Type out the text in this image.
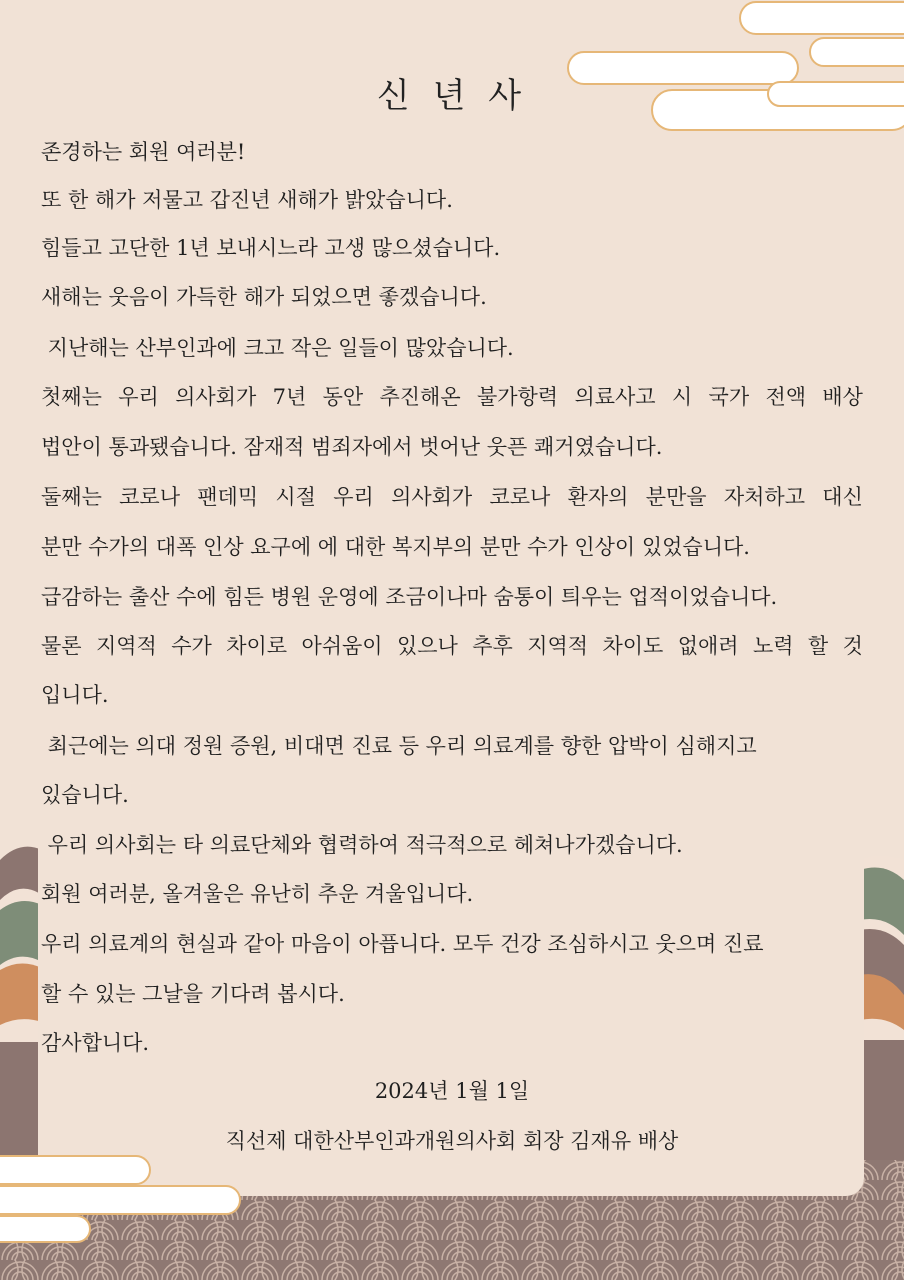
신 년 사

존경하는 회원 여러분!

또 한 해가 저물고 갑진년 새해가 밝았습니다.

힘들고 고단한 1년 보내시느라 고생 많으셨습니다.

새해는 웃음이 가득한 해가 되었으면 좋겠습니다.

지난해는 산부인과에 크고 작은 일들이 많았습니다.

첫째는 우리 의사회가 7년 동안 추진해온 불가항력 의료사고 시 국가 전액 배상

법안이 통과됐습니다. 잠재적 범죄자에서 벗어난 웃픈 쾌거였습니다.

둘째는 코로나 팬데믹 시절 우리 의사회가 코로나 환자의 분만을 자처하고 대신

분만 수가의 대폭 인상 요구에 에 대한 복지부의 분만 수가 인상이 있었습니다.

급감하는 출산 수에 힘든 병원 운영에 조금이나마 숨통이 틔우는 업적이었습니다.

물론 지역적 수가 차이로 아쉬움이 있으나 추후 지역적 차이도 없애려 노력 할 것

입니다.

최근에는 의대 정원 증원, 비대면 진료 등 우리 의료계를 향한 압박이 심해지고

있습니다.

우리 의사회는 타 의료단체와 협력하여 적극적으로 헤쳐나가겠습니다.

회원 여러분, 올겨울은 유난히 추운 겨울입니다.

우리 의료계의 현실과 같아 마음이 아픕니다. 모두 건강 조심하시고 웃으며 진료

할 수 있는 그날을 기다려 봅시다.

감사합니다.

2024년 1월 1일

직선제 대한산부인과개원의사회 회장 김재유 배상
